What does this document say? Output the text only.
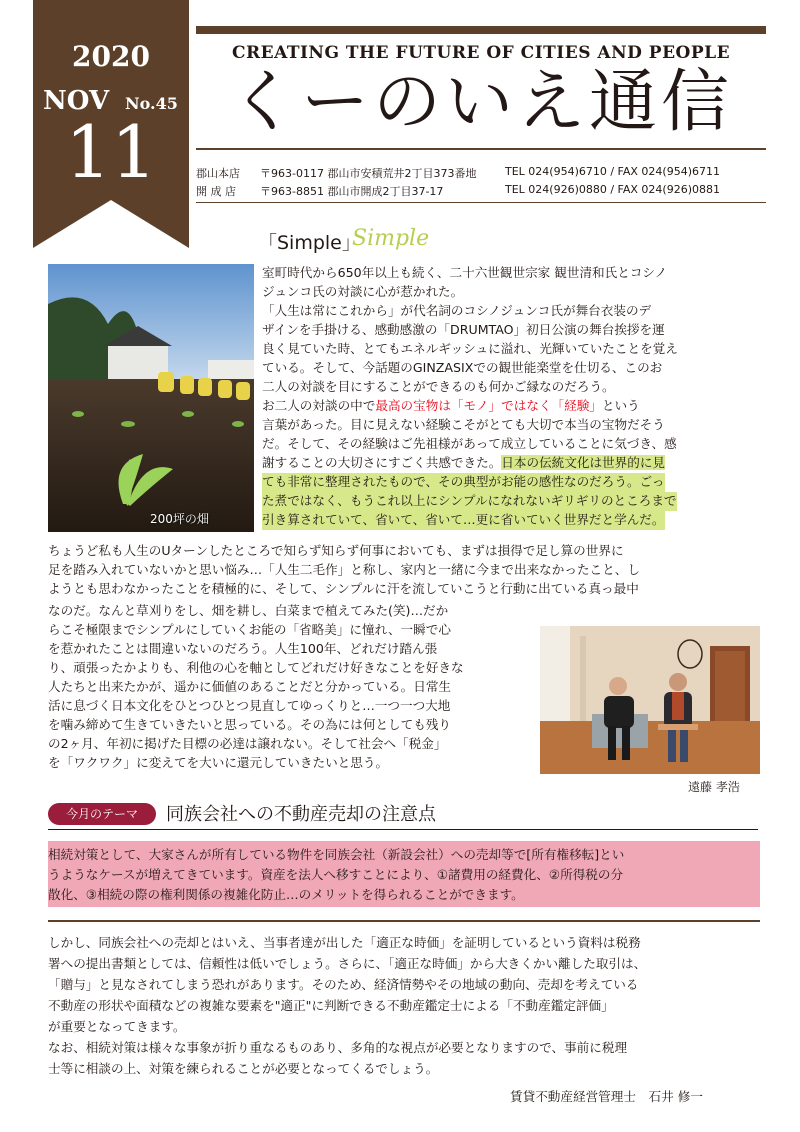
2020
NOV No.45
11
CREATING THE FUTURE OF CITIES AND PEOPLE
くーのいえ通信
郡山本店 〒963-0117 郡山市安積荒井2丁目373番地	TEL 024(954)6710 / FAX 024(954)6711
開 成 店 〒963-8851 郡山市開成2丁目37-17	TEL 024(926)0880 / FAX 024(926)0881
「Simple」
Simple
200坪の畑
室町時代から650年以上も続く、二十六世観世宗家 観世清和氏とコシノ
ジュンコ氏の対談に心が惹かれた。
「人生は常にこれから」が代名詞のコシノジュンコ氏が舞台衣装のデ
ザインを手掛ける、感動感激の「DRUMTAO」初日公演の舞台挨拶を運
良く見ていた時、とてもエネルギッシュに溢れ、光輝いていたことを覚え
ている。そして、今話題のGINZASIXでの観世能楽堂を仕切る、このお
二人の対談を目にすることができるのも何かご縁なのだろう。
お二人の対談の中で最高の宝物は「モノ」ではなく「経験」という
言葉があった。目に見えない経験こそがとても大切で本当の宝物だそう
だ。そして、その経験はご先祖様があって成立していることに気づき、感
謝することの大切さにすごく共感できた。日本の伝統文化は世界的に見
ても非常に整理されたもので、その典型がお能の感性なのだろう。ごっ
た煮ではなく、もうこれ以上にシンプルになれないギリギリのところまで
引き算されていて、省いて、省いて…更に省いていく世界だと学んだ。
ちょうど私も人生のUターンしたところで知らず知らず何事においても、まずは損得で足し算の世界に
足を踏み入れていないかと思い悩み…「人生二毛作」と称し、家内と一緒に今まで出来なかったこと、し
ようとも思わなかったことを積極的に、そして、シンプルに汗を流していこうと行動に出ている真っ最中
なのだ。なんと草刈りをし、畑を耕し、白菜まで植えてみた(笑)…だか
らこそ極限までシンプルにしていくお能の「省略美」に憧れ、一瞬で心
を惹かれたことは間違いないのだろう。人生100年、どれだけ踏ん張
り、頑張ったかよりも、利他の心を軸としてどれだけ好きなことを好きな
人たちと出来たかが、遥かに価値のあることだと分かっている。日常生
活に息づく日本文化をひとつひとつ見直してゆっくりと…一つ一つ大地
を噛み締めて生きていきたいと思っている。その為には何としても残り
の2ヶ月、年初に掲げた目標の必達は譲れない。そして社会へ「税金」
を「ワクワク」に変えてを大いに還元していきたいと思う。
遠藤 孝浩
今月のテーマ	同族会社への不動産売却の注意点
相続対策として、大家さんが所有している物件を同族会社（新設会社）への売却等で[所有権移転]とい
うようなケースが増えてきています。資産を法人へ移すことにより、①諸費用の経費化、②所得税の分
散化、③相続の際の権利関係の複雑化防止…のメリットを得られることができます。
しかし、同族会社への売却とはいえ、当事者達が出した「適正な時価」を証明しているという資料は税務
署への提出書類としては、信頼性は低いでしょう。さらに、「適正な時価」から大きくかい離した取引は、
「贈与」と見なされてしまう恐れがあります。そのため、経済情勢やその地域の動向、売却を考えている
不動産の形状や面積などの複雑な要素を"適正"に判断できる不動産鑑定士による「不動産鑑定評価」
が重要となってきます。
なお、相続対策は様々な事象が折り重なるものあり、多角的な視点が必要となりますので、事前に税理
士等に相談の上、対策を練られることが必要となってくるでしょう。
賃貸不動産経営管理士　石井 修一
